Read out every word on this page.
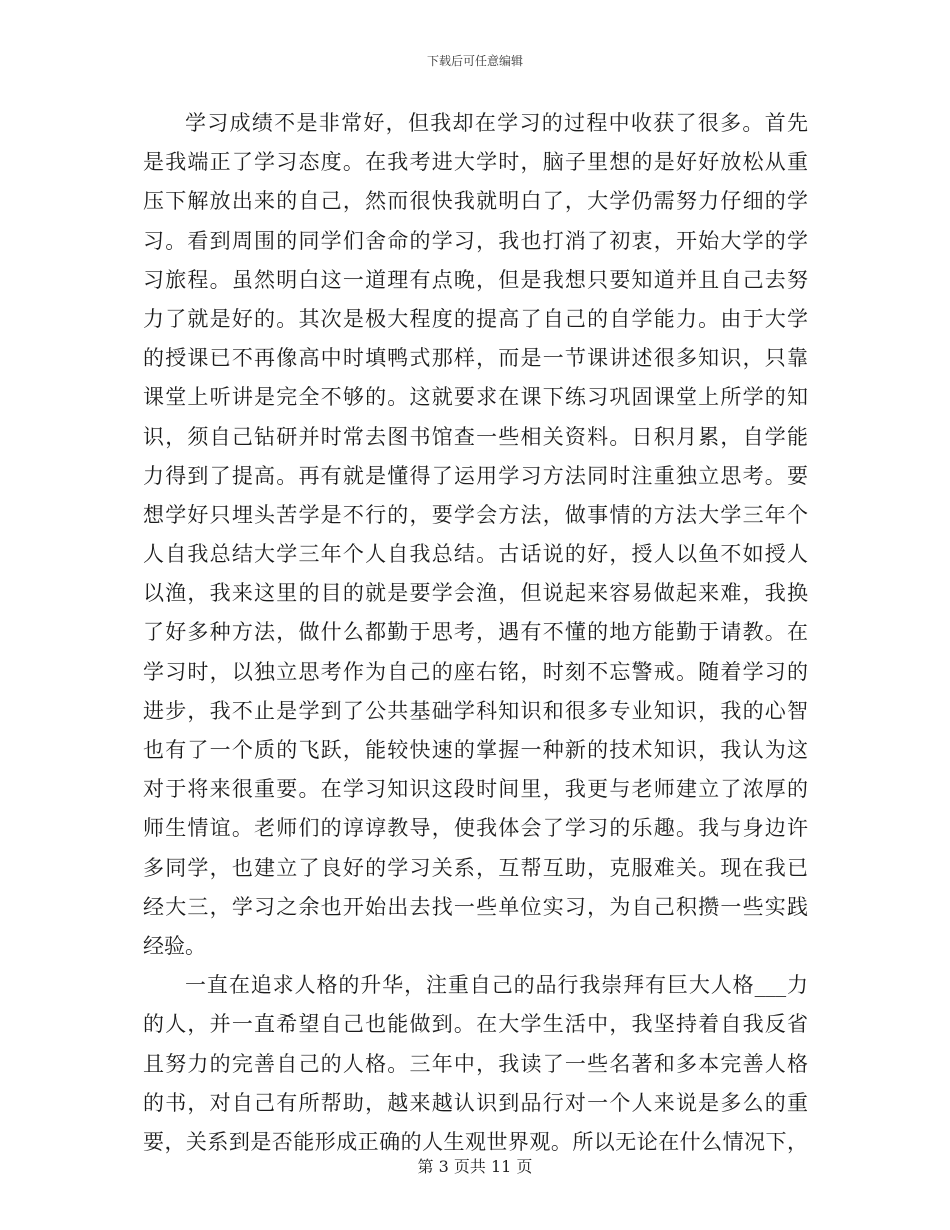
下载后可任意编辑
学习成绩不是非常好，但我却在学习的过程中收获了很多。首先
是我端正了学习态度。在我考进大学时，脑子里想的是好好放松从重
压下解放出来的自己，然而很快我就明白了，大学仍需努力仔细的学
习。看到周围的同学们舍命的学习，我也打消了初衷，开始大学的学
习旅程。虽然明白这一道理有点晚，但是我想只要知道并且自己去努
力了就是好的。其次是极大程度的提高了自己的自学能力。由于大学
的授课已不再像高中时填鸭式那样，而是一节课讲述很多知识，只靠
课堂上听讲是完全不够的。这就要求在课下练习巩固课堂上所学的知
识，须自己钻研并时常去图书馆查一些相关资料。日积月累，自学能
力得到了提高。再有就是懂得了运用学习方法同时注重独立思考。要
想学好只埋头苦学是不行的，要学会方法，做事情的方法大学三年个
人自我总结大学三年个人自我总结。古话说的好，授人以鱼不如授人
以渔，我来这里的目的就是要学会渔，但说起来容易做起来难，我换
了好多种方法，做什么都勤于思考，遇有不懂的地方能勤于请教。在
学习时，以独立思考作为自己的座右铭，时刻不忘警戒。随着学习的
进步，我不止是学到了公共基础学科知识和很多专业知识，我的心智
也有了一个质的飞跃，能较快速的掌握一种新的技术知识，我认为这
对于将来很重要。在学习知识这段时间里，我更与老师建立了浓厚的
师生情谊。老师们的谆谆教导，使我体会了学习的乐趣。我与身边许
多同学，也建立了良好的学习关系，互帮互助，克服难关。现在我已
经大三，学习之余也开始出去找一些单位实习，为自己积攒一些实践
经验。
一直在追求人格的升华，注重自己的品行我崇拜有巨大人格___力
的人，并一直希望自己也能做到。在大学生活中，我坚持着自我反省
且努力的完善自己的人格。三年中，我读了一些名著和多本完善人格
的书，对自己有所帮助，越来越认识到品行对一个人来说是多么的重
要，关系到是否能形成正确的人生观世界观。所以无论在什么情况下，
第 3 页共 11 页
